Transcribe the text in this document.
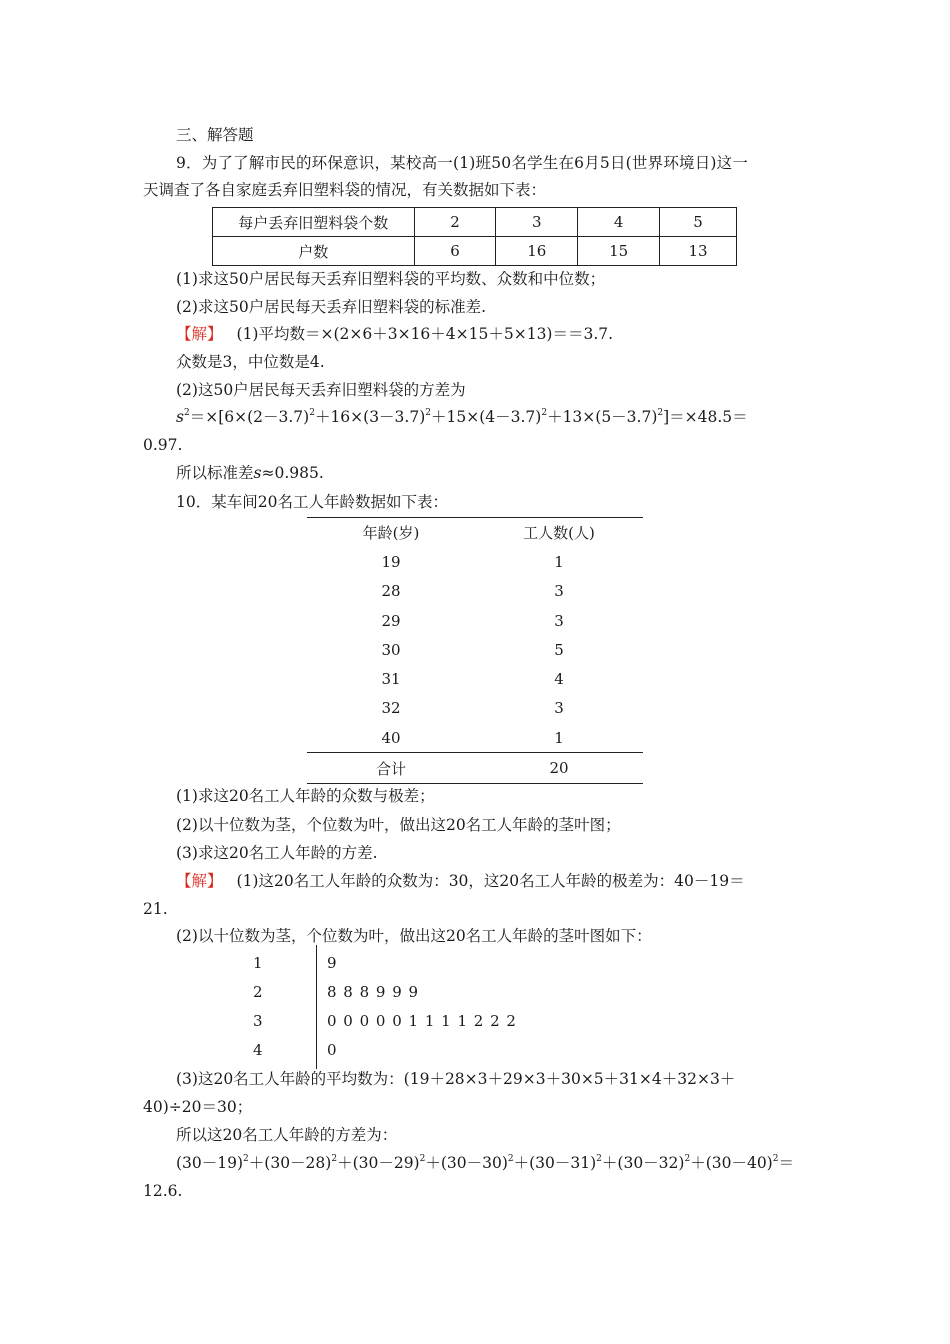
三、解答题
9．为了了解市民的环保意识，某校高一(1)班50名学生在6月5日(世界环境日)这一
天调查了各自家庭丢弃旧塑料袋的情况，有关数据如下表：
每户丢弃旧塑料袋个数	2	3	4	5
户数	6	16	15	13
(1)求这50户居民每天丢弃旧塑料袋的平均数、众数和中位数；
(2)求这50户居民每天丢弃旧塑料袋的标准差.
【解】 (1)平均数＝×(2×6＋3×16＋4×15＋5×13)＝＝3.7.
众数是3，中位数是4.
(2)这50户居民每天丢弃旧塑料袋的方差为
$s^2=\times[6\times(2-3.7)^2+16\times(3-3.7)^2+15\times(4-3.7)^2+13\times(5-3.7)^2]=\times 48.5=$
0.97.
所以标准差s≈0.985.
10．某车间20名工人年龄数据如下表：
年龄(岁)	工人数(人)
19	1
28	3
29	3
30	5
31	4
32	3
40	1
合计	20
(1)求这20名工人年龄的众数与极差；
(2)以十位数为茎，个位数为叶，做出这20名工人年龄的茎叶图；
(3)求这20名工人年龄的方差.
【解】 (1)这20名工人年龄的众数为：30，这20名工人年龄的极差为：40－19＝
21.
(2)以十位数为茎，个位数为叶，做出这20名工人年龄的茎叶图如下：
1	9
2	8 8 8 9 9 9
3	0 0 0 0 0 1 1 1 1 2 2 2
4	0
(3)这20名工人年龄的平均数为：(19＋28×3＋29×3＋30×5＋31×4＋32×3＋
40)÷20＝30；
所以这20名工人年龄的方差为：
$(30-19)^2+(30-28)^2+(30-29)^2+(30-30)^2+(30-31)^2+(30-32)^2+(30-40)^2=$
12.6.
